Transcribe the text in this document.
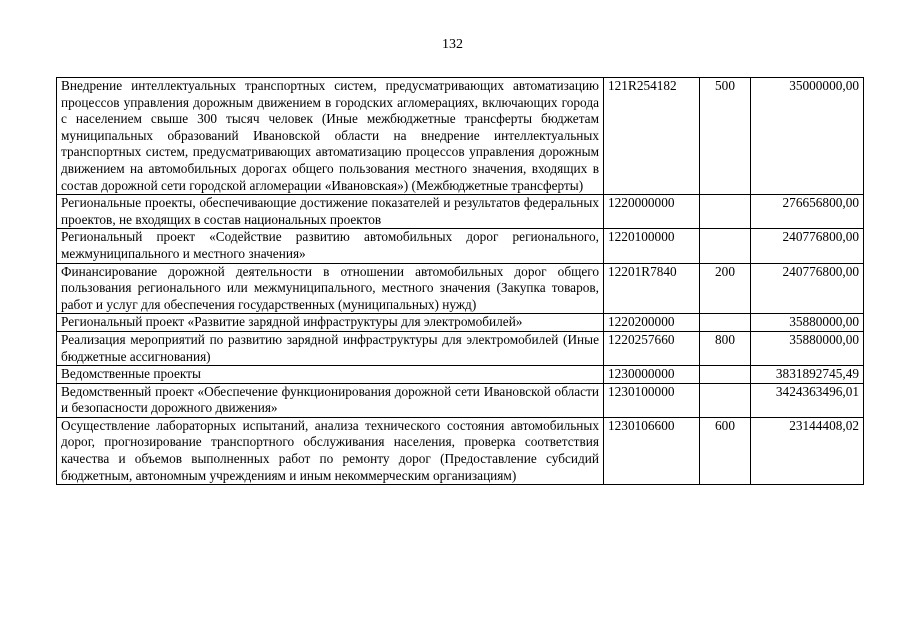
132
Внедрение интеллектуальных транспортных систем, предусматривающих автоматизацию процессов управления дорожным движением в городских агломерациях, включающих города с населением свыше 300 тысяч человек (Иные межбюджетные трансферты бюджетам муниципальных образований Ивановской области на внедрение интеллектуальных транспортных систем, предусматривающих автоматизацию процессов управления дорожным движением на автомобильных дорогах общего пользования местного значения, входящих в состав дорожной сети городской агломерации «Ивановская») (Межбюджетные трансферты)	121R254182	500	35000000,00
Региональные проекты, обеспечивающие достижение показателей и результатов федеральных проектов, не входящих в состав национальных проектов	1220000000		276656800,00
Региональный проект «Содействие развитию автомобильных дорог регионального, межмуниципального и местного значения»	1220100000		240776800,00
Финансирование дорожной деятельности в отношении автомобильных дорог общего пользования регионального или межмуниципального, местного значения (Закупка товаров, работ и услуг для обеспечения государственных (муниципальных) нужд)	12201R7840	200	240776800,00
Региональный проект «Развитие зарядной инфраструктуры для электромобилей»	1220200000		35880000,00
Реализация мероприятий по развитию зарядной инфраструктуры для электромобилей (Иные бюджетные ассигнования)	1220257660	800	35880000,00
Ведомственные проекты	1230000000		3831892745,49
Ведомственный проект «Обеспечение функционирования дорожной сети Ивановской области и безопасности дорожного движения»	1230100000		3424363496,01
Осуществление лабораторных испытаний, анализа технического состояния автомобильных дорог, прогнозирование транспортного обслуживания населения, проверка соответствия качества и объемов выполненных работ по ремонту дорог (Предоставление субсидий бюджетным, автономным учреждениям и иным некоммерческим организациям)	1230106600	600	23144408,02
